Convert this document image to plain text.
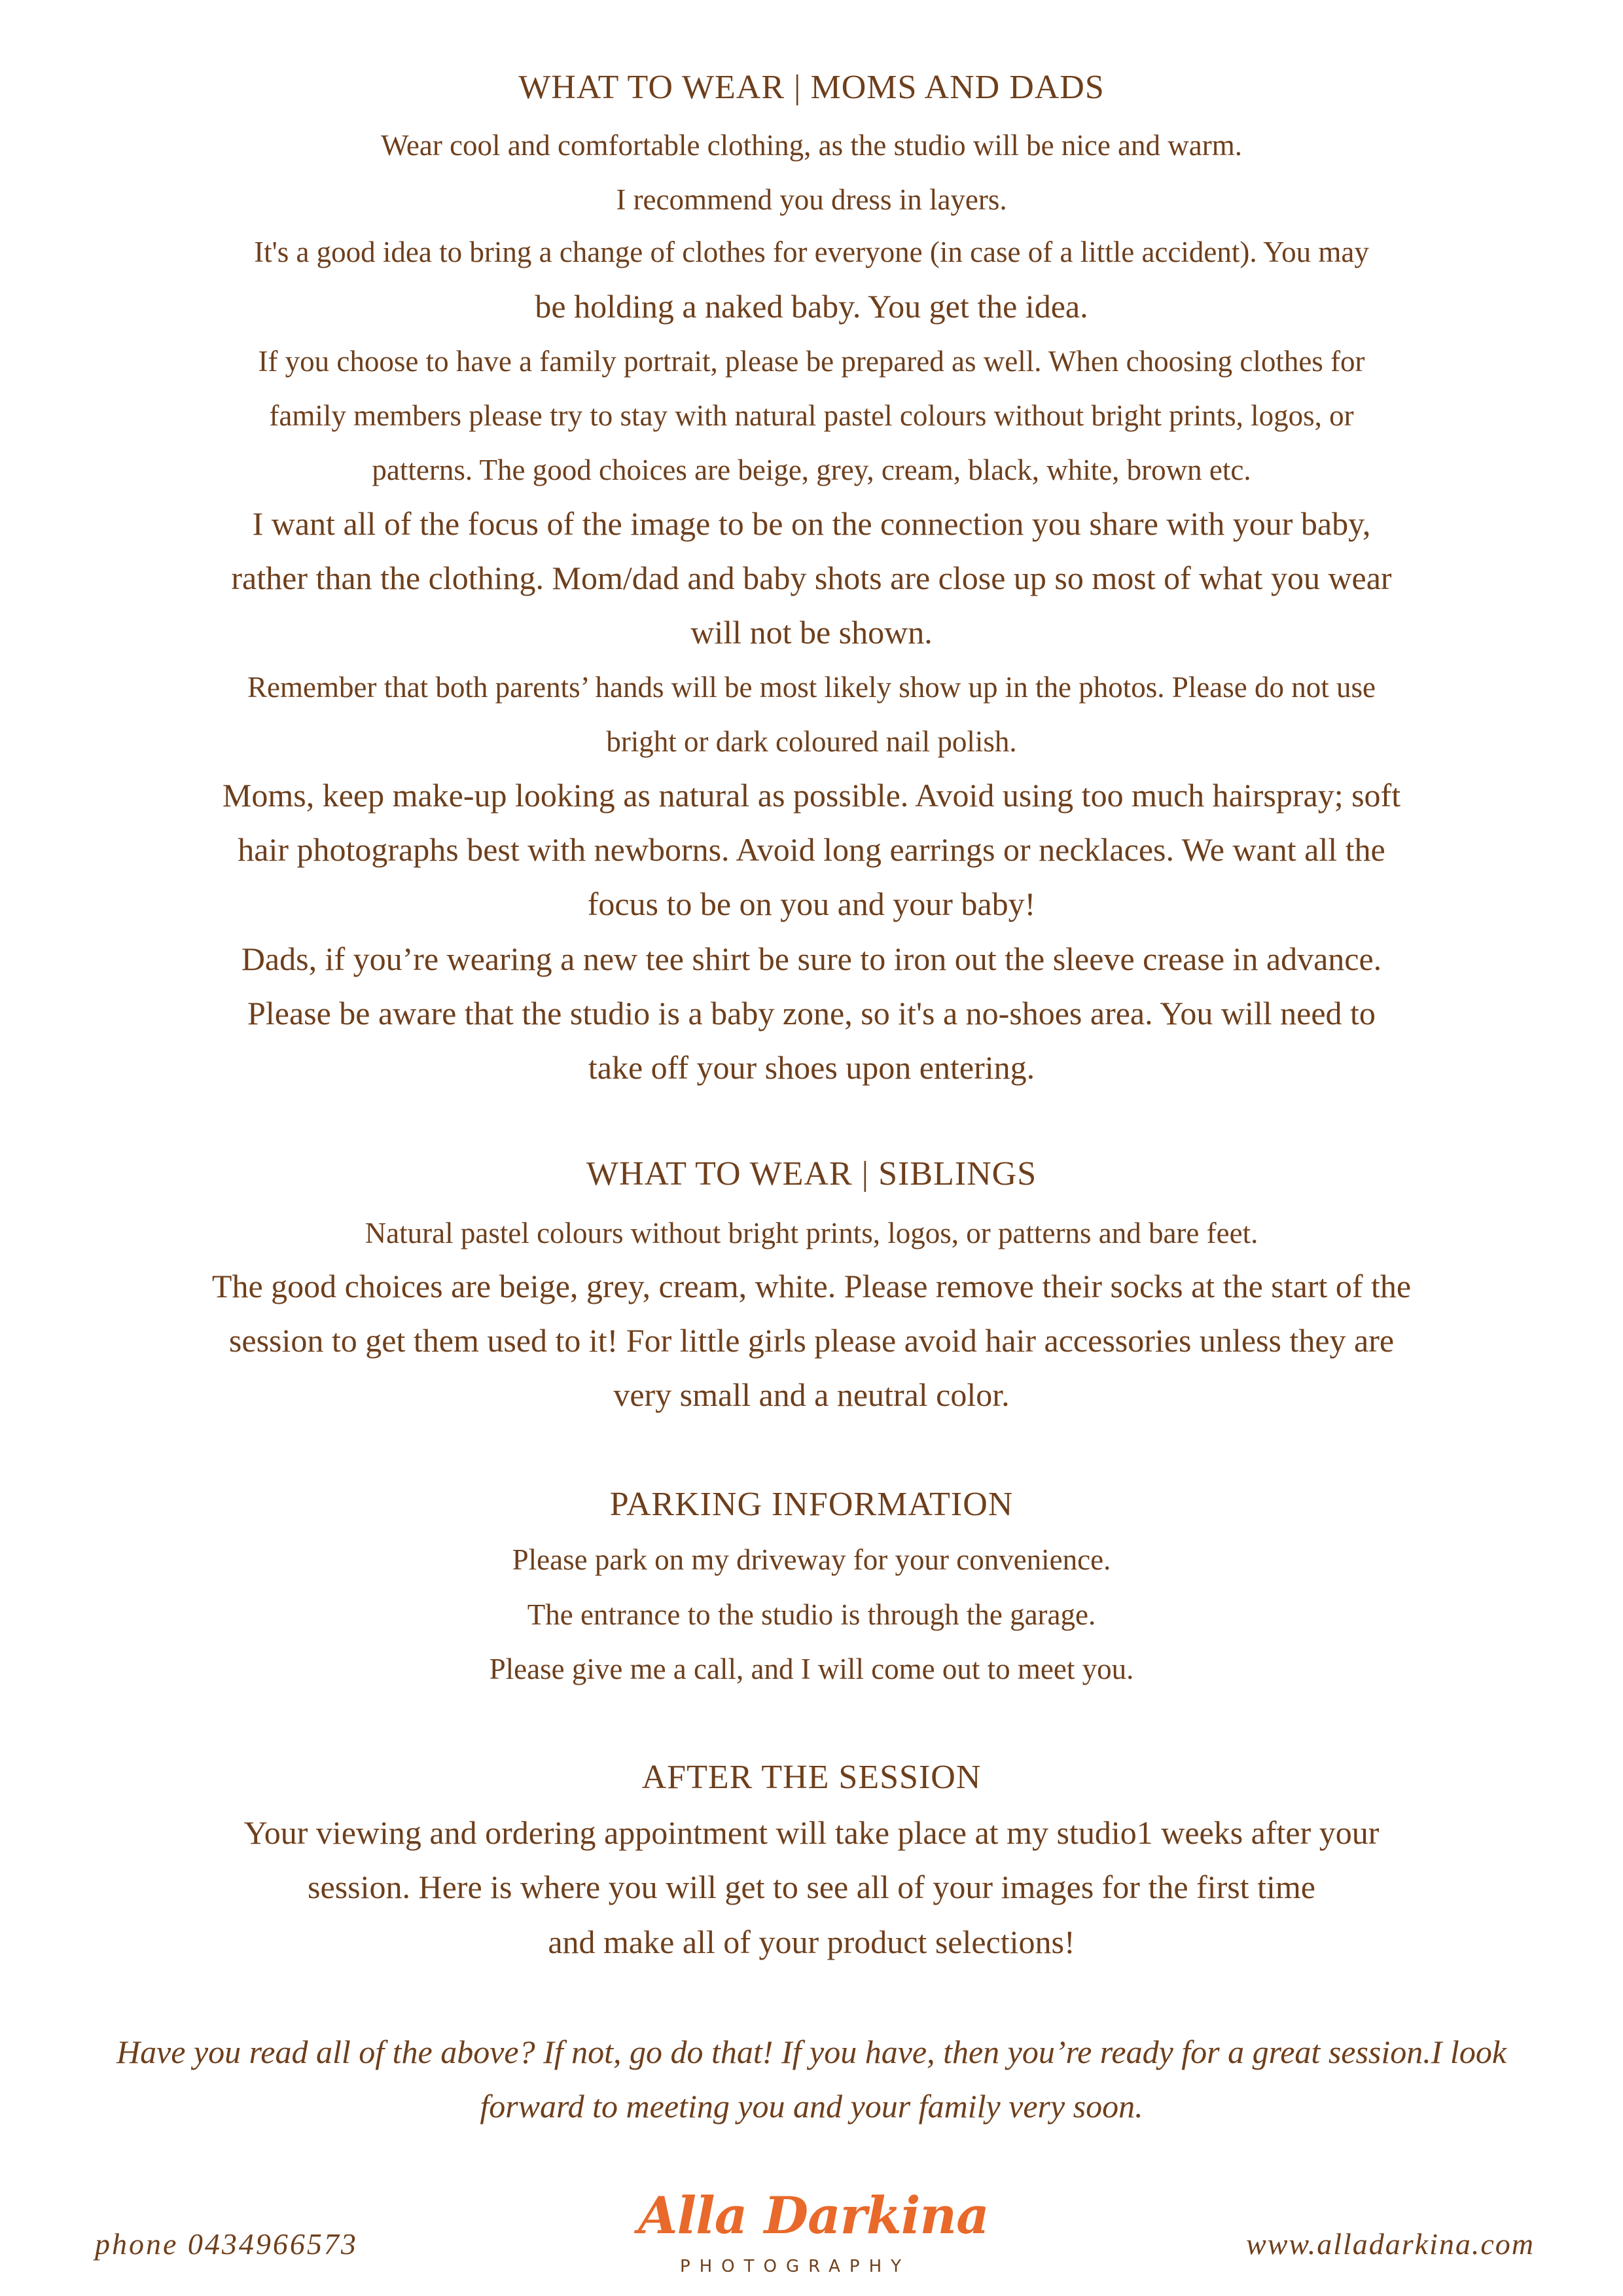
WHAT TO WEAR | MOMS AND DADS
Wear cool and comfortable clothing, as the studio will be nice and warm.
I recommend you dress in layers.
It's a good idea to bring a change of clothes for everyone (in case of a little accident). You may
be holding a naked baby. You get the idea.
If you choose to have a family portrait, please be prepared as well. When choosing clothes for
family members please try to stay with natural pastel colours without bright prints, logos, or
patterns. The good choices are beige, grey, cream, black, white, brown etc.
I want all of the focus of the image to be on the connection you share with your baby,
rather than the clothing. Mom/dad and baby shots are close up so most of what you wear
will not be shown.
Remember that both parents’ hands will be most likely show up in the photos. Please do not use
bright or dark coloured nail polish.
Moms, keep make-up looking as natural as possible. Avoid using too much hairspray; soft
hair photographs best with newborns. Avoid long earrings or necklaces. We want all the
focus to be on you and your baby!
Dads, if you’re wearing a new tee shirt be sure to iron out the sleeve crease in advance.
Please be aware that the studio is a baby zone, so it's a no-shoes area. You will need to
take off your shoes upon entering.
WHAT TO WEAR | SIBLINGS
Natural pastel colours without bright prints, logos, or patterns and bare feet.
The good choices are beige, grey, cream, white. Please remove their socks at the start of the
session to get them used to it! For little girls please avoid hair accessories unless they are
very small and a neutral color.
PARKING INFORMATION
Please park on my driveway for your convenience.
The entrance to the studio is through the garage.
Please give me a call, and I will come out to meet you.
AFTER THE SESSION
Your viewing and ordering appointment will take place at my studio1 weeks after your
session. Here is where you will get to see all of your images for the first time
and make all of your product selections!
Have you read all of the above? If not, go do that! If you have, then you’re ready for a great session.I look
forward to meeting you and your family very soon.
phone 0434966573	Alla Darkina
PHOTOGRAPHY
www.alladarkina.com
